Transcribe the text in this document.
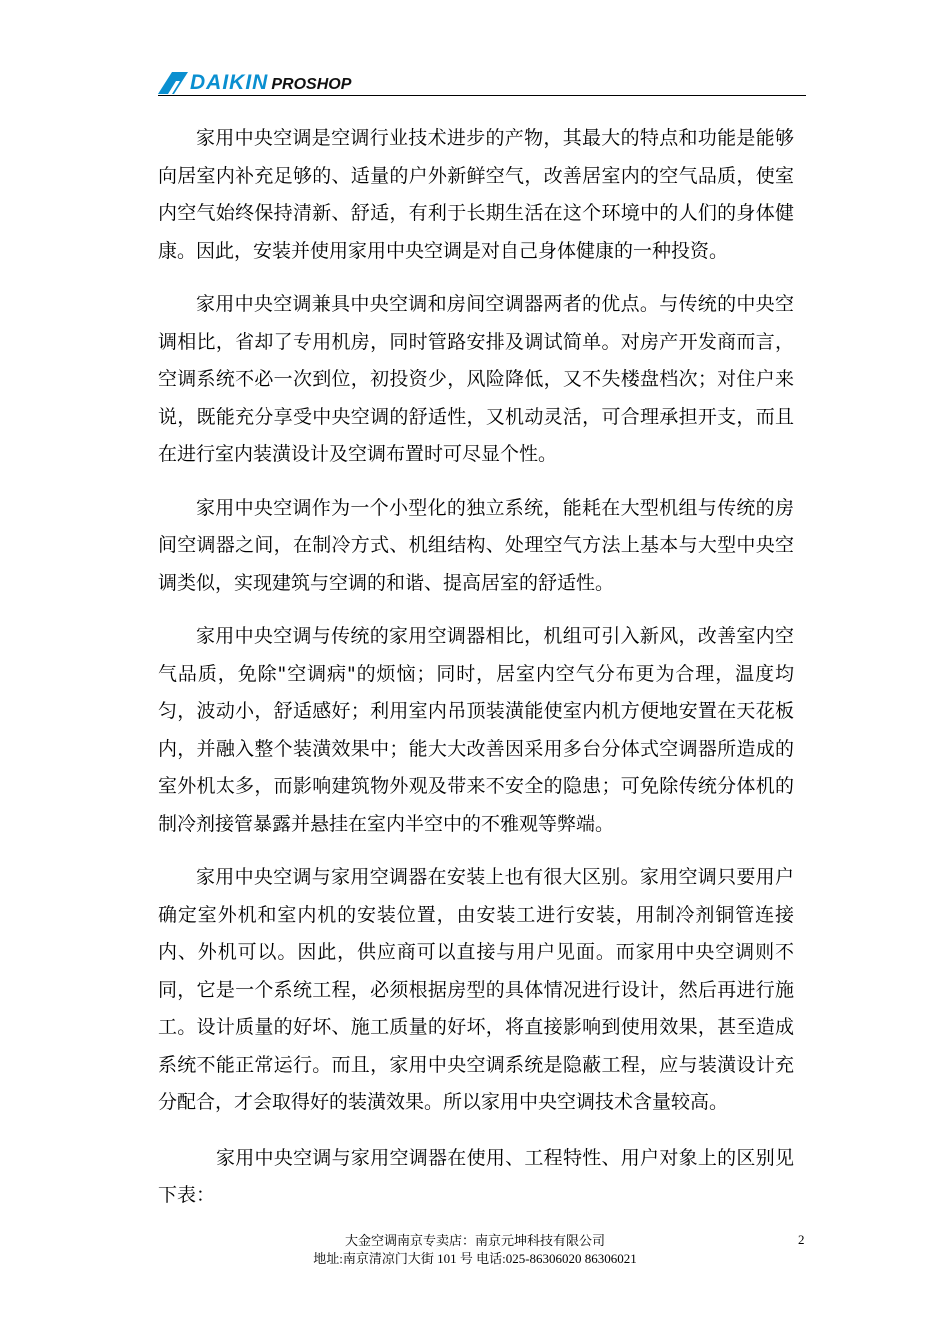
DAIKIN PROSHOP

家用中央空调是空调行业技术进步的产物，其最大的特点和功能是能够向居室内补充足够的、适量的户外新鲜空气，改善居室内的空气品质，使室内空气始终保持清新、舒适，有利于长期生活在这个环境中的人们的身体健康。因此，安装并使用家用中央空调是对自己身体健康的一种投资。

家用中央空调兼具中央空调和房间空调器两者的优点。与传统的中央空调相比，省却了专用机房，同时管路安排及调试简单。对房产开发商而言，空调系统不必一次到位，初投资少，风险降低，又不失楼盘档次；对住户来说，既能充分享受中央空调的舒适性，又机动灵活，可合理承担开支，而且在进行室内装潢设计及空调布置时可尽显个性。

家用中央空调作为一个小型化的独立系统，能耗在大型机组与传统的房间空调器之间，在制冷方式、机组结构、处理空气方法上基本与大型中央空调类似，实现建筑与空调的和谐、提高居室的舒适性。

家用中央空调与传统的家用空调器相比，机组可引入新风，改善室内空气品质，免除"空调病"的烦恼；同时，居室内空气分布更为合理，温度均匀，波动小，舒适感好；利用室内吊顶装潢能使室内机方便地安置在天花板内，并融入整个装潢效果中；能大大改善因采用多台分体式空调器所造成的室外机太多，而影响建筑物外观及带来不安全的隐患；可免除传统分体机的制冷剂接管暴露并悬挂在室内半空中的不雅观等弊端。

家用中央空调与家用空调器在安装上也有很大区别。家用空调只要用户确定室外机和室内机的安装位置，由安装工进行安装，用制冷剂铜管连接内、外机可以。因此，供应商可以直接与用户见面。而家用中央空调则不同，它是一个系统工程，必须根据房型的具体情况进行设计，然后再进行施工。设计质量的好坏、施工质量的好坏，将直接影响到使用效果，甚至造成系统不能正常运行。而且，家用中央空调系统是隐蔽工程，应与装潢设计充分配合，才会取得好的装潢效果。所以家用中央空调技术含量较高。

家用中央空调与家用空调器在使用、工程特性、用户对象上的区别见下表：

大金空调南京专卖店：南京元坤科技有限公司
地址:南京清凉门大街 101 号 电话:025-86306020 86306021
2
